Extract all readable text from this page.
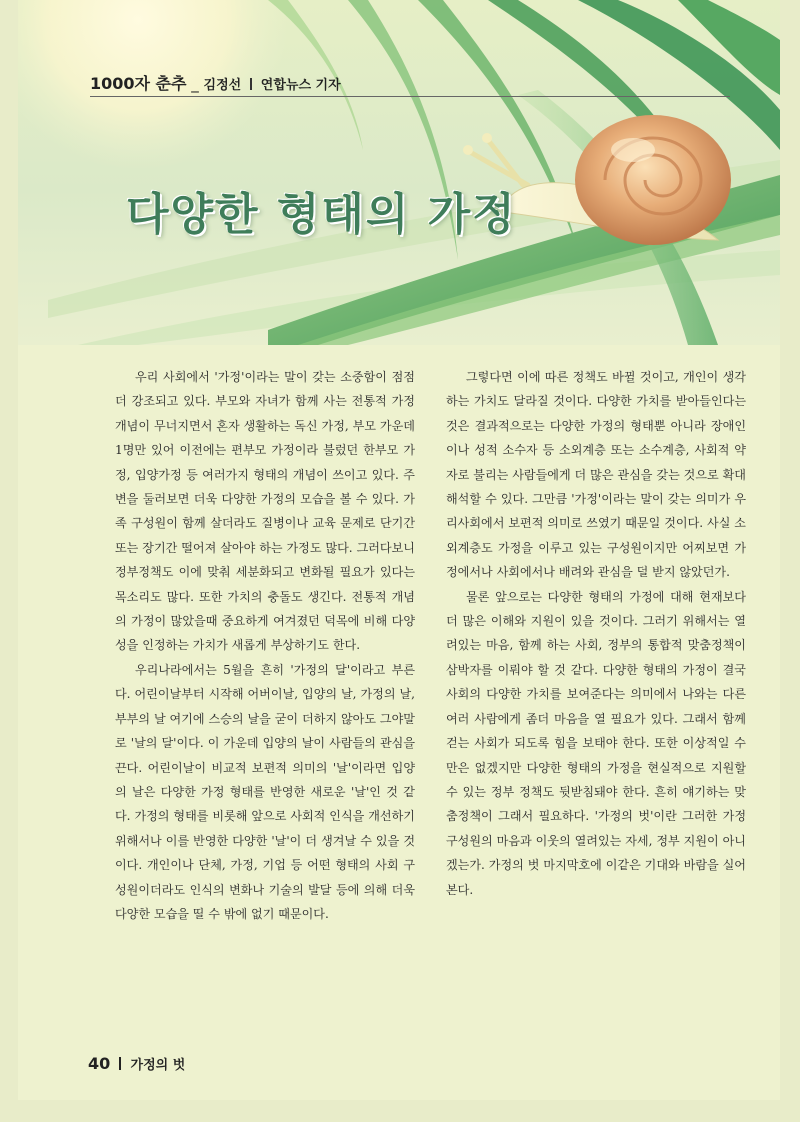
1000자 춘추 _ 김정선 연합뉴스 기자
다양한 형태의 가정

우리 사회에서 '가정'이라는 말이 갖는 소중함이 점점 더 강조되고 있다. 부모와 자녀가 함께 사는 전통적 가정 개념이 무너지면서 혼자 생활하는 독신 가정, 부모 가운데 1명만 있어 이전에는 편부모 가정이라 불렀던 한부모 가정, 입양가정 등 여러가지 형태의 개념이 쓰이고 있다. 주변을 둘러보면 더욱 다양한 가정의 모습을 볼 수 있다. 가족 구성원이 함께 살더라도 질병이나 교육 문제로 단기간 또는 장기간 떨어져 살아야 하는 가정도 많다. 그러다보니 정부정책도 이에 맞춰 세분화되고 변화될 필요가 있다는 목소리도 많다. 또한 가치의 충돌도 생긴다. 전통적 개념의 가정이 많았을때 중요하게 여겨졌던 덕목에 비해 다양성을 인정하는 가치가 새롭게 부상하기도 한다.

우리나라에서는 5월을 흔히 '가정의 달'이라고 부른다. 어린이날부터 시작해 어버이날, 입양의 날, 가정의 날, 부부의 날 여기에 스승의 날을 굳이 더하지 않아도 그야말로 '날의 달'이다. 이 가운데 입양의 날이 사람들의 관심을 끈다. 어린이날이 비교적 보편적 의미의 '날'이라면 입양의 날은 다양한 가정 형태를 반영한 새로운 '날'인 것 같다. 가정의 형태를 비롯해 앞으로 사회적 인식을 개선하기 위해서나 이를 반영한 다양한 '날'이 더 생겨날 수 있을 것이다. 개인이나 단체, 가정, 기업 등 어떤 형태의 사회 구성원이더라도 인식의 변화나 기술의 발달 등에 의해 더욱 다양한 모습을 띨 수 밖에 없기 때문이다.

그렇다면 이에 따른 정책도 바뀔 것이고, 개인이 생각하는 가치도 달라질 것이다. 다양한 가치를 받아들인다는 것은 결과적으로는 다양한 가정의 형태뿐 아니라 장애인이나 성적 소수자 등 소외계층 또는 소수계층, 사회적 약자로 불리는 사람들에게 더 많은 관심을 갖는 것으로 확대 해석할 수 있다. 그만큼 '가정'이라는 말이 갖는 의미가 우리사회에서 보편적 의미로 쓰였기 때문일 것이다. 사실 소외계층도 가정을 이루고 있는 구성원이지만 어찌보면 가정에서나 사회에서나 배려와 관심을 덜 받지 않았던가.

물론 앞으로는 다양한 형태의 가정에 대해 현재보다 더 많은 이해와 지원이 있을 것이다. 그러기 위해서는 열려있는 마음, 함께 하는 사회, 정부의 통합적 맞춤정책이 삼박자를 이뤄야 할 것 같다. 다양한 형태의 가정이 결국 사회의 다양한 가치를 보여준다는 의미에서 나와는 다른 여러 사람에게 좀더 마음을 열 필요가 있다. 그래서 함께 걷는 사회가 되도록 힘을 보태야 한다. 또한 이상적일 수만은 없겠지만 다양한 형태의 가정을 현실적으로 지원할 수 있는 정부 정책도 뒷받침돼야 한다. 흔히 얘기하는 맞춤정책이 그래서 필요하다. '가정의 벗'이란 그러한 가정 구성원의 마음과 이웃의 열려있는 자세, 정부 지원이 아니겠는가. 가정의 벗 마지막호에 이같은 기대와 바람을 실어본다.

40 가정의 벗
